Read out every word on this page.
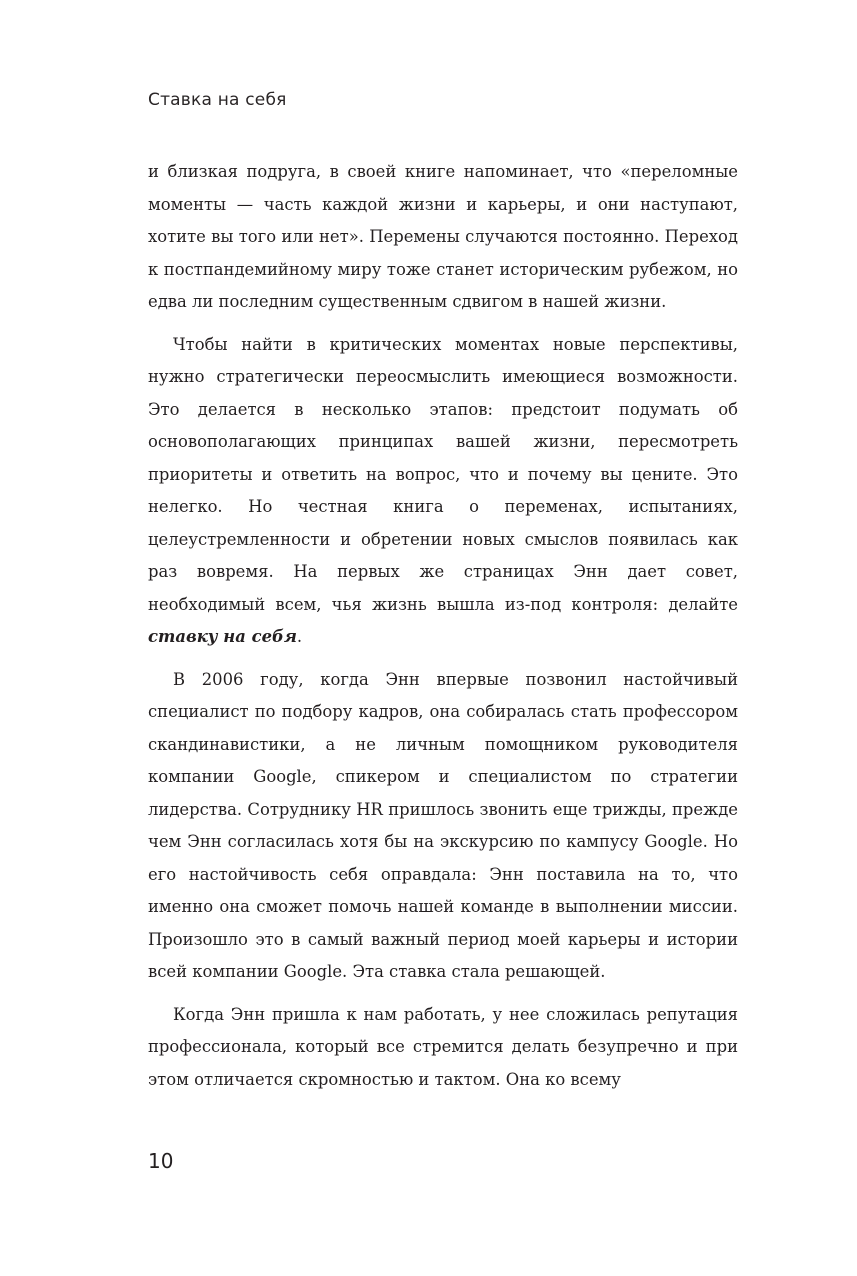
Ставка на себя

и близкая подруга, в своей книге напоминает, что «переломные моменты — часть каждой жизни и карьеры, и они наступают, хотите вы того или нет». Перемены случаются постоянно. Переход к постпандемийному миру тоже станет историческим рубежом, но едва ли последним существенным сдвигом в нашей жизни.

Чтобы найти в критических моментах новые перспективы, нужно стратегически переосмыслить имеющиеся возможности. Это делается в несколько этапов: предстоит подумать об основополагающих принципах вашей жизни, пересмотреть приоритеты и ответить на вопрос, что и почему вы цените. Это нелегко. Но честная книга о переменах, испытаниях, целеустремленности и обретении новых смыслов появилась как раз вовремя. На первых же страницах Энн дает совет, необходимый всем, чья жизнь вышла из-под контроля: делайте ставку на себя.

В 2006 году, когда Энн впервые позвонил настойчивый специалист по подбору кадров, она собиралась стать профессором скандинавистики, а не личным помощником руководителя компании Google, спикером и специалистом по стратегии лидерства. Сотруднику HR пришлось звонить еще трижды, прежде чем Энн согласилась хотя бы на экскурсию по кампусу Google. Но его настойчивость себя оправдала: Энн поставила на то, что именно она сможет помочь нашей команде в выполнении миссии. Произошло это в самый важный период моей карьеры и истории всей компании Google. Эта ставка стала решающей.

Когда Энн пришла к нам работать, у нее сложилась репутация профессионала, который все стремится делать безупречно и при этом отличается скромностью и тактом. Она ко всему

10
